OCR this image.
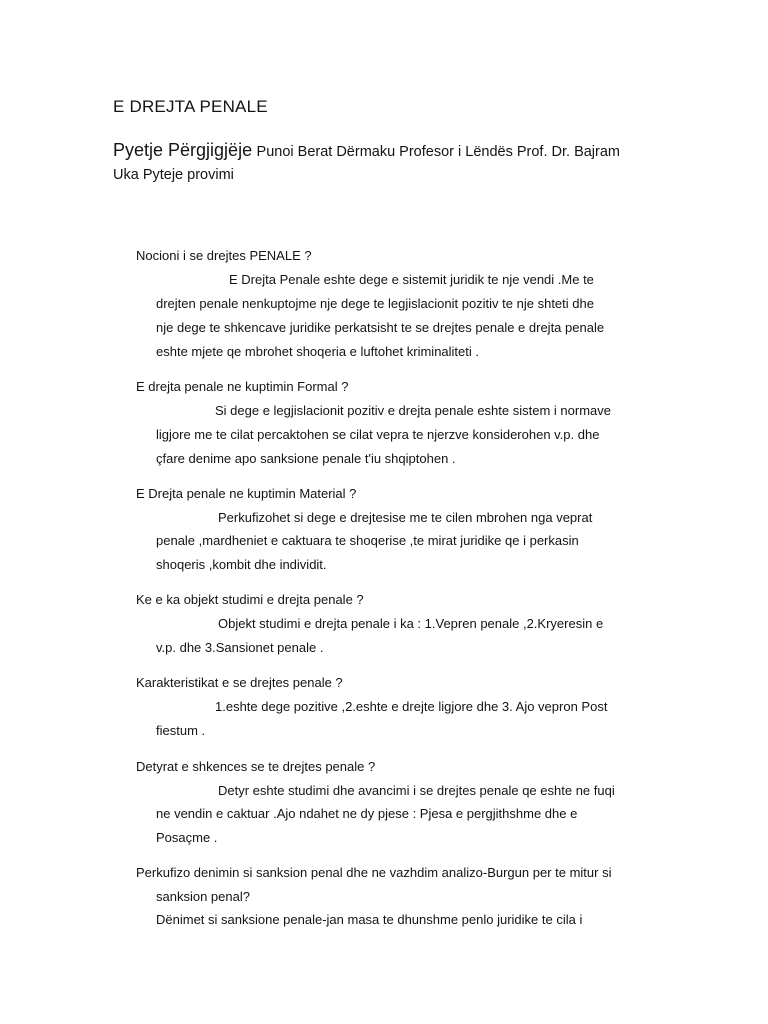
E DREJTA PENALE
Pyetje Përgjigjëje Punoi Berat Dërmaku Profesor i Lëndës Prof. Dr. Bajram
Uka Pyteje provimi
Nocioni i se drejtes PENALE ?
E Drejta Penale eshte dege e sistemit juridik te nje vendi .Me te
drejten penale nenkuptojme nje dege te legjislacionit pozitiv te nje shteti dhe
nje dege te shkencave juridike perkatsisht te se drejtes penale e drejta penale
eshte mjete qe mbrohet shoqeria e luftohet kriminaliteti .
E drejta penale ne kuptimin Formal ?
Si dege e legjislacionit pozitiv e drejta penale eshte sistem i normave
ligjore me te cilat percaktohen se cilat vepra te njerzve konsiderohen v.p. dhe
çfare denime apo sanksione penale t'iu shqiptohen .
E Drejta penale ne kuptimin Material ?
Perkufizohet si dege e drejtesise me te cilen mbrohen nga veprat
penale ,mardheniet e caktuara te shoqerise ,te mirat juridike qe i perkasin
shoqeris ,kombit dhe individit.
Ke e ka objekt studimi e drejta penale ?
Objekt studimi e drejta penale i ka : 1.Vepren penale ,2.Kryeresin e
v.p. dhe 3.Sansionet penale .
Karakteristikat e se drejtes penale ?
1.eshte dege pozitive ,2.eshte e drejte ligjore dhe 3. Ajo vepron Post
fiestum .
Detyrat e shkences se te drejtes penale ?
Detyr eshte studimi dhe avancimi i se drejtes penale qe eshte ne fuqi
ne vendin e caktuar .Ajo ndahet ne dy pjese : Pjesa e pergjithshme dhe e
Posaçme .
Perkufizo denimin si sanksion penal dhe ne vazhdim analizo-Burgun per te mitur si
sanksion penal?
Dënimet si sanksione penale-jan masa te dhunshme penlo juridike te cila i
